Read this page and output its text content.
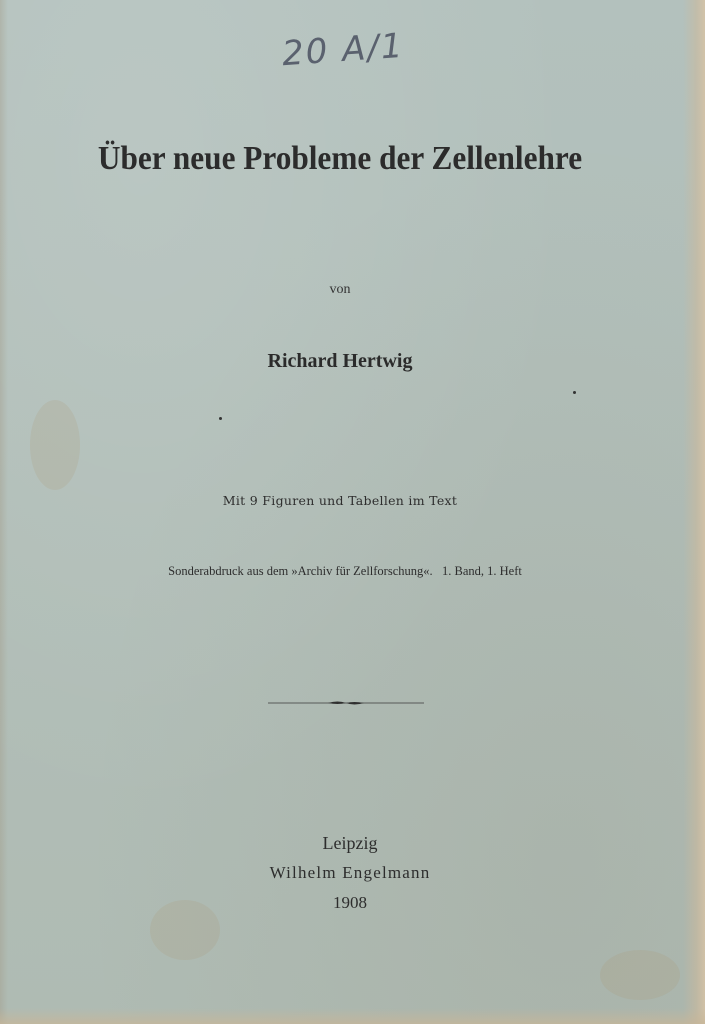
20 A/1
Über neue Probleme der Zellenlehre
von
Richard Hertwig
Mit 9 Figuren und Tabellen im Text
Sonderabdruck aus dem »Archiv für Zellforschung«.   1. Band, 1. Heft
Leipzig
Wilhelm Engelmann
1908
